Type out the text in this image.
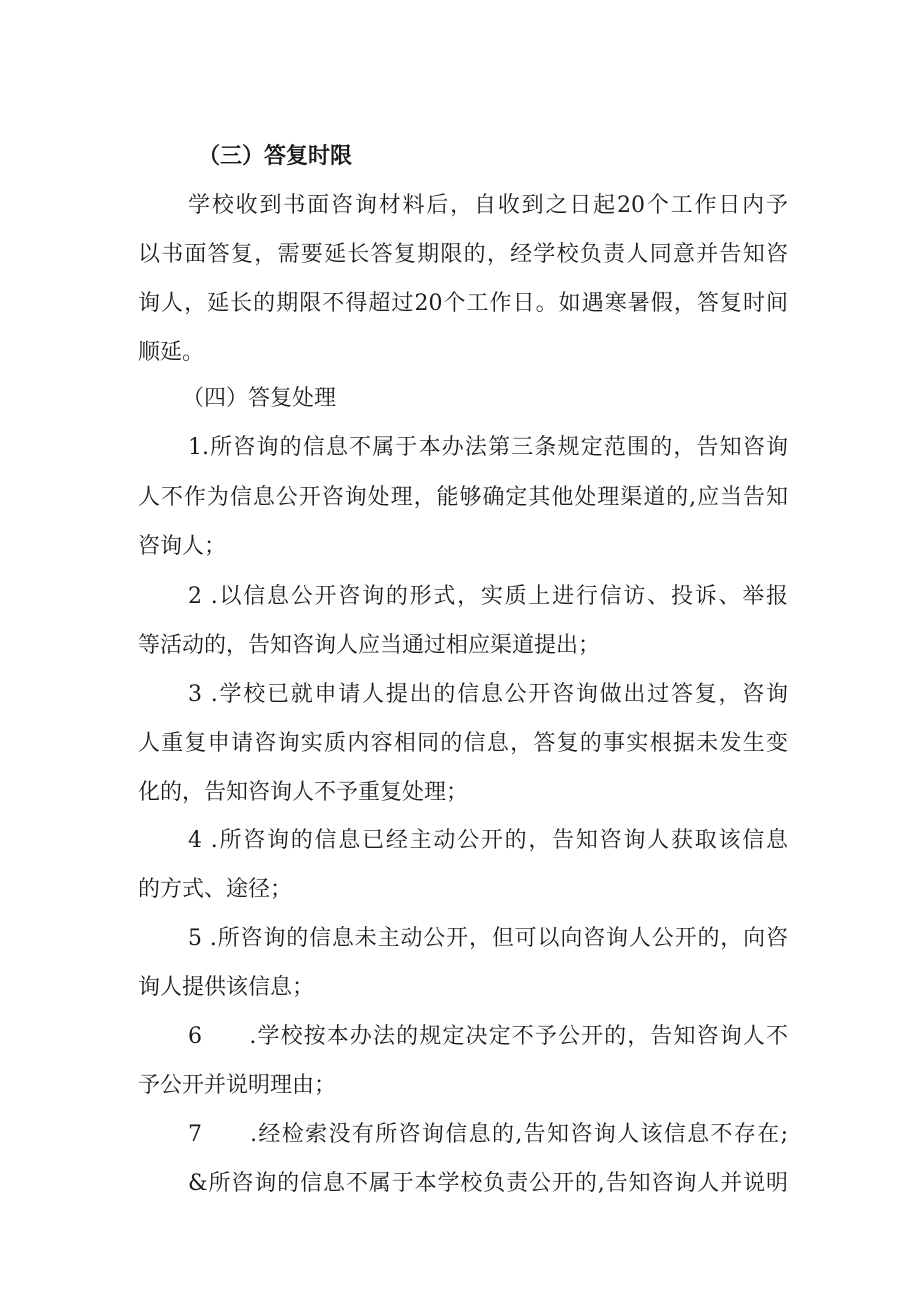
（三）答复时限
学校收到书面咨询材料后，自收到之日起20个工作日内予
以书面答复，需要延长答复期限的，经学校负责人同意并告知咨
询人，延长的期限不得超过20个工作日。如遇寒暑假，答复时间
顺延。
（四）答复处理
1.所咨询的信息不属于本办法第三条规定范围的，告知咨询
人不作为信息公开咨询处理，能够确定其他处理渠道的,应当告知
咨询人；
2 .以信息公开咨询的形式，实质上进行信访、投诉、举报
等活动的，告知咨询人应当通过相应渠道提出；
3 .学校已就申请人提出的信息公开咨询做出过答复，咨询
人重复申请咨询实质内容相同的信息，答复的事实根据未发生变
化的，告知咨询人不予重复处理；
4 .所咨询的信息已经主动公开的，告知咨询人获取该信息
的方式、途径；
5 .所咨询的信息未主动公开，但可以向咨询人公开的，向咨
询人提供该信息；
6　　.学校按本办法的规定决定不予公开的，告知咨询人不
予公开并说明理由；
7　　.经检索没有所咨询信息的,告知咨询人该信息不存在;
&所咨询的信息不属于本学校负责公开的,告知咨询人并说明
